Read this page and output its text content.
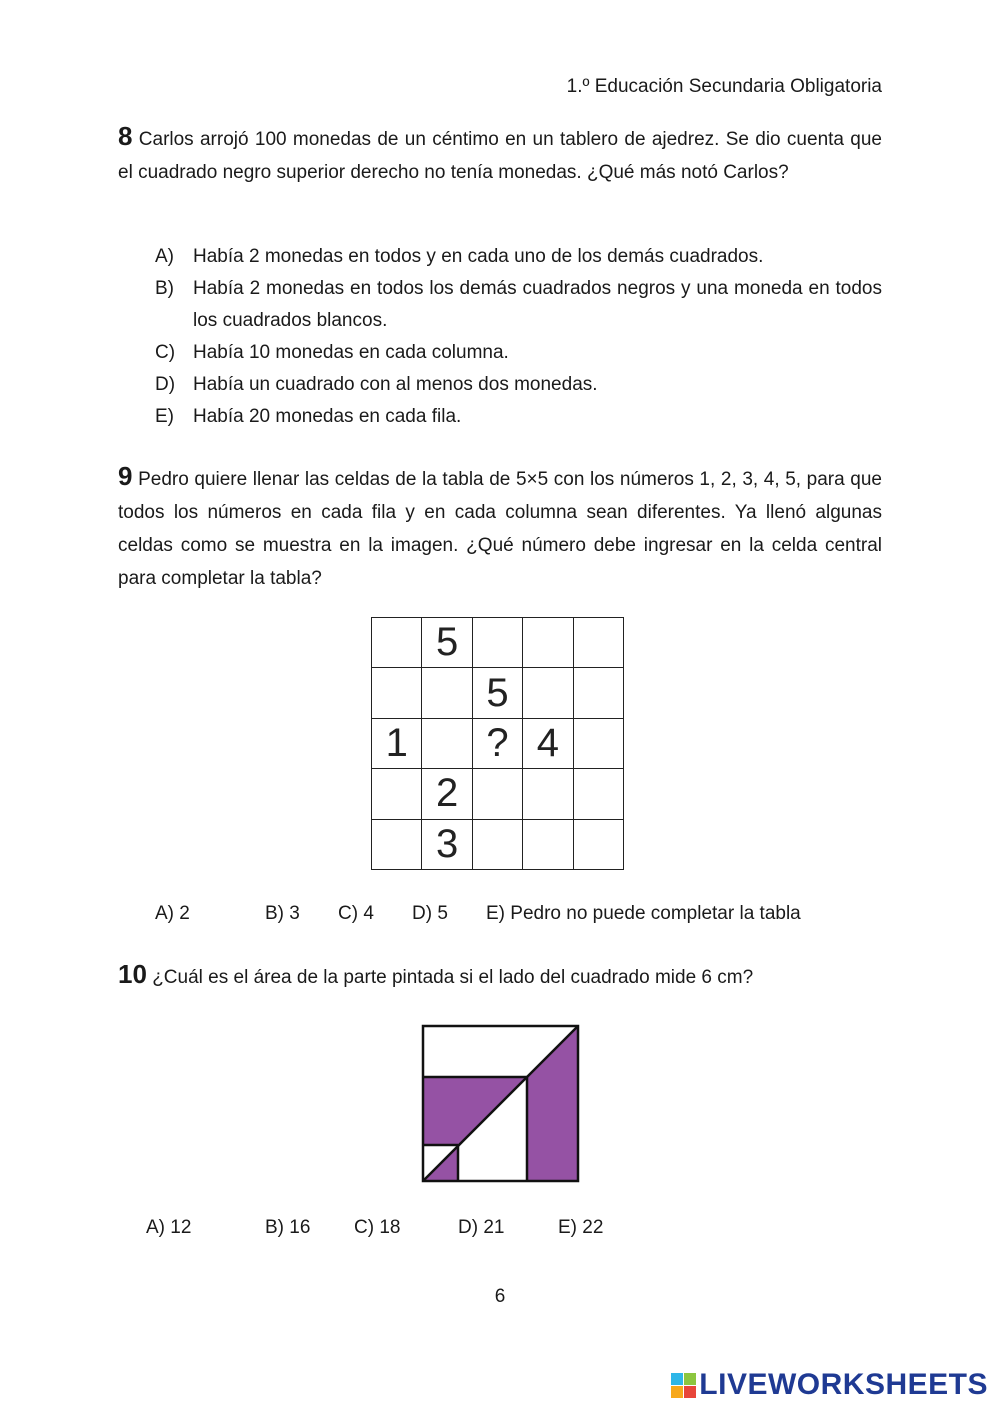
1.º Educación Secundaria Obligatoria
8 Carlos arrojó 100 monedas de un céntimo en un tablero de ajedrez. Se dio cuenta que el cuadrado negro superior derecho no tenía monedas. ¿Qué más notó Carlos?
A) Había 2 monedas en todos y en cada uno de los demás cuadrados.
B) Había 2 monedas en todos los demás cuadrados negros y una moneda en todos los cuadrados blancos.
C) Había 10 monedas en cada columna.
D) Había un cuadrado con al menos dos monedas.
E) Había 20 monedas en cada fila.
9 Pedro quiere llenar las celdas de la tabla de 5×5 con los números 1, 2, 3, 4, 5, para que todos los números en cada fila y en cada columna sean diferentes. Ya llenó algunas celdas como se muestra en la imagen. ¿Qué número debe ingresar en la celda central para completar la tabla?
	5			
		5		
1		?	4	
	2			
	3			
A) 2	B) 3 C) 4 D) 5 E) Pedro no puede completar la tabla
10 ¿Cuál es el área de la parte pintada si el lado del cuadrado mide 6 cm?
A) 12	B) 16 C) 18	D) 21	E) 22
6
LIVEWORKSHEETS
